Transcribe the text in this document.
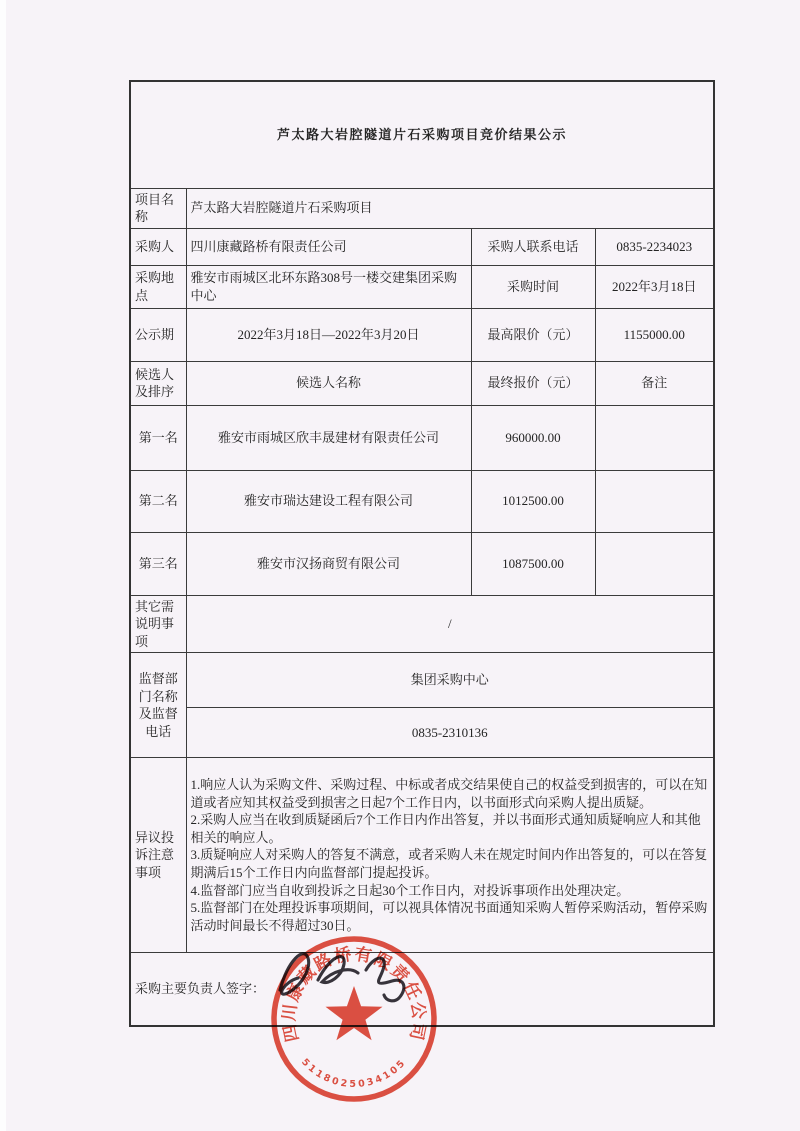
芦太路大岩腔隧道片石采购项目竞价结果公示			
项目名称	芦太路大岩腔隧道片石采购项目		
采购人	四川康藏路桥有限责任公司	采购人联系电话	0835-2234023
采购地点	雅安市雨城区北环东路308号一楼交建集团采购中心	采购时间	2022年3月18日
公示期	2022年3月18日—2022年3月20日	最高限价（元）	1155000.00
候选人及排序	候选人名称	最终报价（元）	备注
第一名	雅安市雨城区欣丰晟建材有限责任公司	960000.00	
第二名	雅安市瑞达建设工程有限公司	1012500.00	
第三名	雅安市汉扬商贸有限公司	1087500.00	
其它需说明事项	/		
监督部门名称及监督电话	集团采购中心		
	0835-2310136		
异议投诉注意事项	1.响应人认为采购文件、采购过程、中标或者成交结果使自己的权益受到损害的，可以在知道或者应知其权益受到损害之日起7个工作日内，以书面形式向采购人提出质疑。
2.采购人应当在收到质疑函后7个工作日内作出答复，并以书面形式通知质疑响应人和其他相关的响应人。
3.质疑响应人对采购人的答复不满意，或者采购人未在规定时间内作出答复的，可以在答复期满后15个工作日内向监督部门提起投诉。
4.监督部门应当自收到投诉之日起30个工作日内，对投诉事项作出处理决定。
5.监督部门在处理投诉事项期间，可以视具体情况书面通知采购人暂停采购活动，暂停采购活动时间最长不得超过30日。		

采购主要负责人签字：			
四川康藏路桥有限责任公司
5118025034105
